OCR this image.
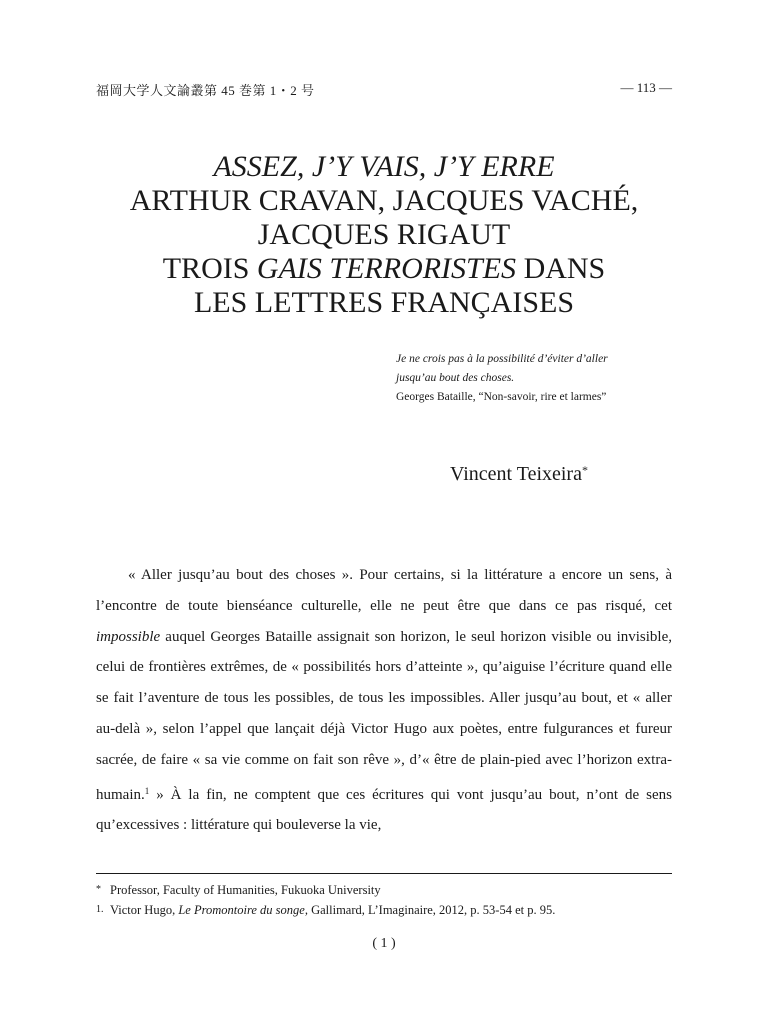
福岡大学人文論叢第 45 巻第 1・2 号	— 113 —
ASSEZ, J’Y VAIS, J’Y ERRE
ARTHUR CRAVAN, JACQUES VACHÉ,
JACQUES RIGAUT
TROIS GAIS TERRORISTES DANS
LES LETTRES FRANÇAISES
Je ne crois pas à la possibilité d’éviter d’aller
jusqu’au bout des choses.
Georges Bataille, “Non-savoir, rire et larmes”
Vincent Teixeira*

« Aller jusqu’au bout des choses ». Pour certains, si la littérature a encore un sens, à l’encontre de toute bienséance culturelle, elle ne peut être que dans ce pas risqué, cet impossible auquel Georges Bataille assignait son horizon, le seul horizon visible ou invisible, celui de frontières extrêmes, de « possibilités hors d’atteinte », qu’aiguise l’écriture quand elle se fait l’aventure de tous les possibles, de tous les impossibles. Aller jusqu’au bout, et « aller au-delà », selon l’appel que lançait déjà Victor Hugo aux poètes, entre fulgurances et fureur sacrée, de faire « sa vie comme on fait son rêve », d’« être de plain-pied avec l’horizon extra-humain.$^1$ » À la fin, ne comptent que ces écritures qui vont jusqu’au bout, n’ont de sens qu’excessives : littérature qui bouleverse la vie,

* Professor, Faculty of Humanities, Fukuoka University
1. Victor Hugo, Le Promontoire du songe, Gallimard, L’Imaginaire, 2012, p. 53-54 et p. 95.
( 1 )
